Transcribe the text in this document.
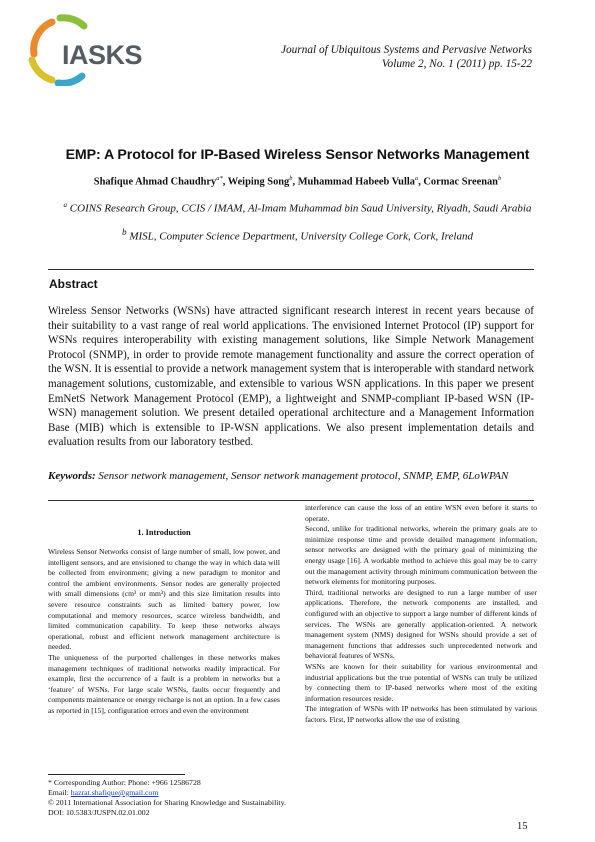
IASKS	Journal of Ubiquitous Systems and Pervasive Networks
Volume 2, No. 1 (2011) pp. 15-22
EMP: A Protocol for IP-Based Wireless Sensor Networks Management
Shafique Ahmad Chaudhry$^{a*}$, Weiping Song$^b$, Muhammad Habeeb Vulla$^a$, Cormac Sreenan$^b$
$^a$ COINS Research Group, CCIS / IMAM, Al-Imam Muhammad bin Saud University, Riyadh, Saudi Arabia
$^b$ MISL, Computer Science Department, University College Cork, Cork, Ireland
Abstract
Wireless Sensor Networks (WSNs) have attracted significant research interest in recent years because of their suitability to a vast range of real world applications. The envisioned Internet Protocol (IP) support for WSNs requires interoperability with existing management solutions, like Simple Network Management Protocol (SNMP), in order to provide remote management functionality and assure the correct operation of the WSN. It is essential to provide a network management system that is interoperable with standard network management solutions, customizable, and extensible to various WSN applications. In this paper we present EmNetS Network Management Protocol (EMP), a lightweight and SNMP-compliant IP-based WSN (IP-WSN) management solution. We present detailed operational architecture and a Management Information Base (MIB) which is extensible to IP-WSN applications. We also present implementation details and evaluation results from our laboratory testbed.
Keywords: Sensor network management, Sensor network management protocol, SNMP, EMP, 6LoWPAN
1. Introduction

Wireless Sensor Networks consist of large number of small, low power, and intelligent sensors, and are envisioned to change the way in which data will be collected from environment; giving a new paradigm to monitor and control the ambient environments. Sensor nodes are generally projected with small dimensions (cm³ or mm³) and this size limitation results into severe resource constraints such as limited battery power, low computational and memory resources, scarce wireless bandwidth, and limited communication capability. To keep these networks always operational, robust and efficient network management architecture is needed.

The uniqueness of the purported challenges in these networks makes management techniques of traditional networks readily impractical. For example, first the occurrence of a fault is a problem in networks but a ‘feature’ of WSNs. For large scale WSNs, faults occur frequently and components maintenance or energy recharge is not an option. In a few cases as reported in [15], configuration errors and even the environment

interference can cause the loss of an entire WSN even before it starts to operate.

Second, unlike for traditional networks, wherein the primary goals are to minimize response time and provide detailed management information, sensor networks are designed with the primary goal of minimizing the energy usage [16]. A workable method to achieve this goal may be to carry out the management activity through minimum communication between the network elements for monitoring purposes.

Third, traditional networks are designed to run a large number of user applications. Therefore, the network components are installed, and configured with an objective to support a large number of different kinds of services. The WSNs are generally application-oriented. A network management system (NMS) designed for WSNs should provide a set of management functions that addresses such unprecedented network and behavioral features of WSNs.

WSNs are known for their suitability for various environmental and industrial applications but the true potential of WSNs can truly be utilized by connecting them to IP-based networks where most of the exiting information resources reside.

The integration of WSNs with IP networks has been stimulated by various factors. First, IP networks allow the use of existing

* Corresponding Author: Phone: +966 12586728
Email: hazrat.shafique@gmail.com
© 2011 International Association for Sharing Knowledge and Sustainability.
DOI: 10.5383/JUSPN.02.01.002
15
